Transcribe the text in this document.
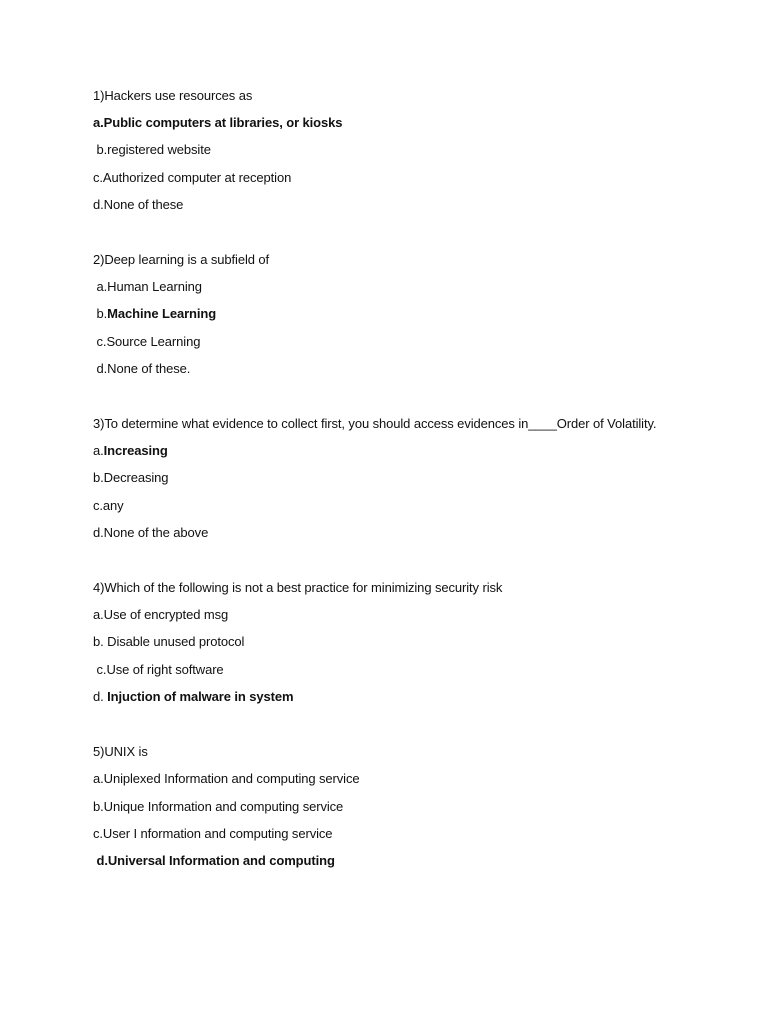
1)Hackers use resources as
a.Public computers at libraries, or kiosks
b.registered website
c.Authorized computer at reception
d.None of these
2)Deep learning is a subfield of
a.Human Learning
b.Machine Learning
c.Source Learning
d.None of these.
3)To determine what evidence to collect first, you should access evidences in____Order of Volatility.
a.Increasing
b.Decreasing
c.any
d.None of the above
4)Which of the following is not a best practice for minimizing security risk
a.Use of encrypted msg
b. Disable unused protocol
c.Use of right software
d. Injuction of malware in system
5)UNIX is
a.Uniplexed Information and computing service
b.Unique Information and computing service
c.User I nformation and computing service
d.Universal Information and computing
